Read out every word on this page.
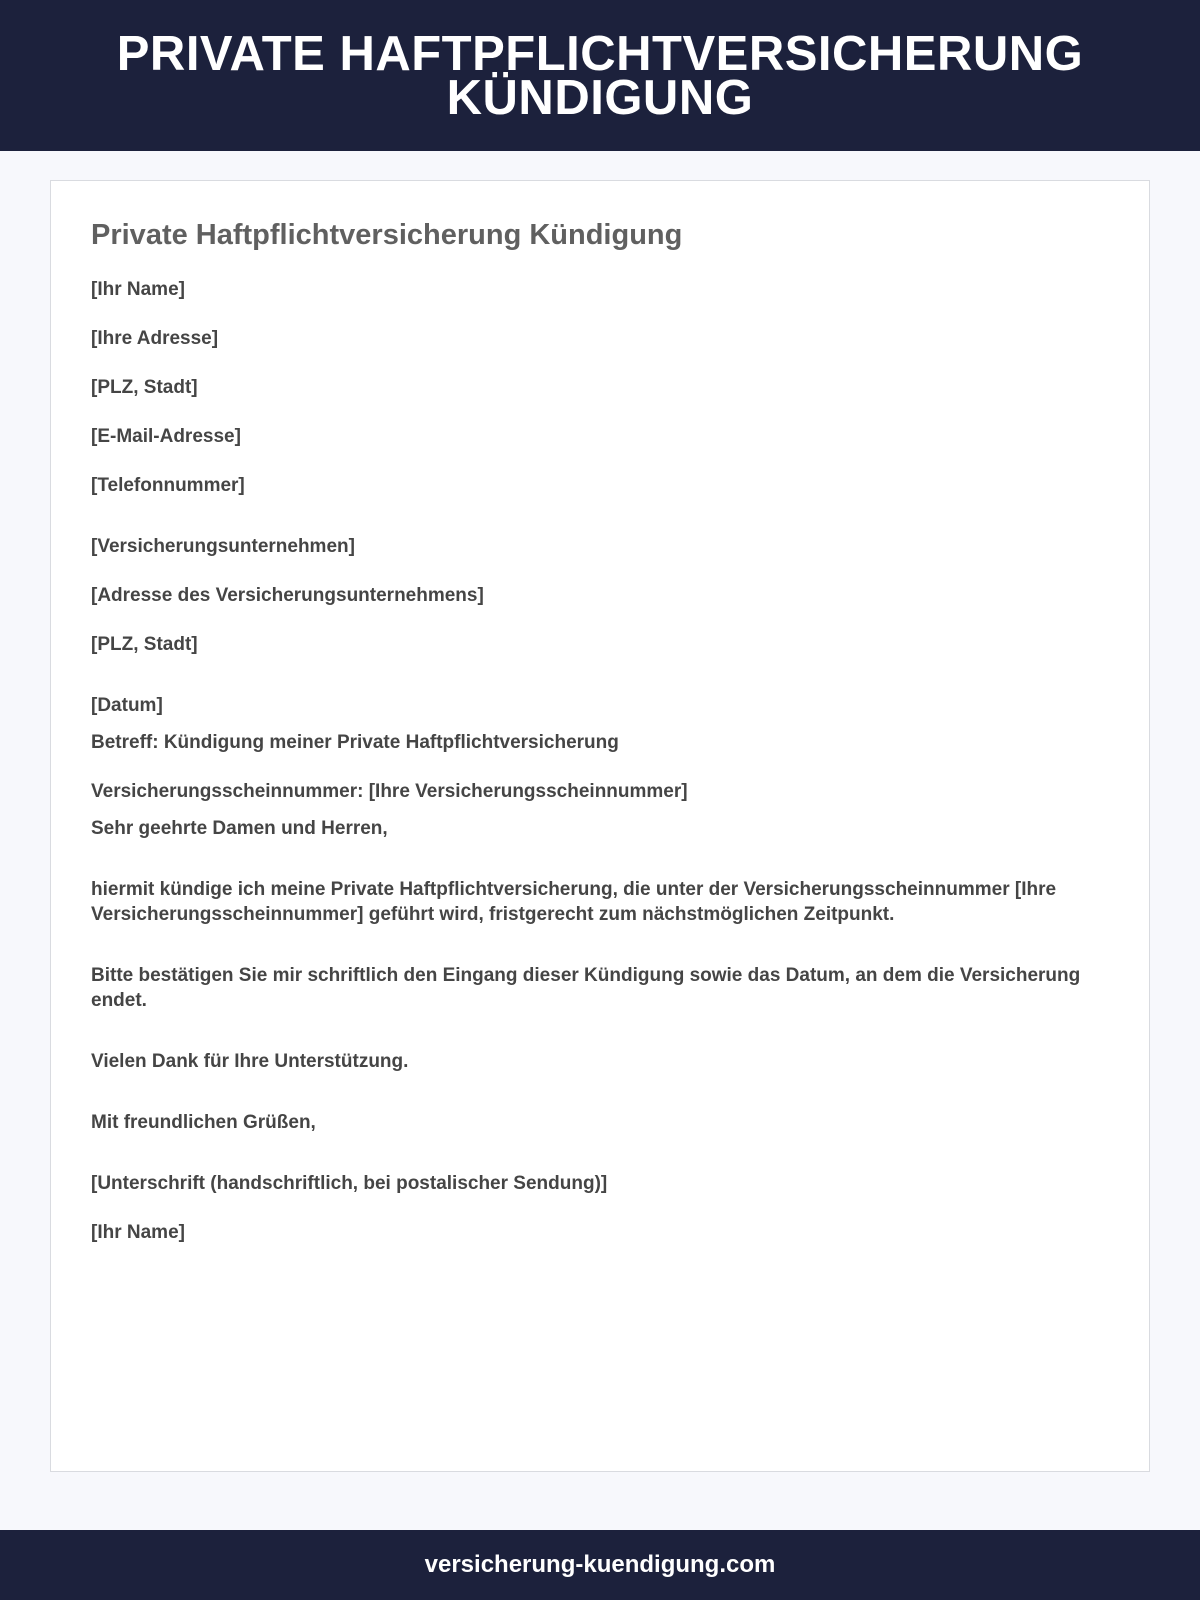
PRIVATE HAFTPFLICHTVERSICHERUNG KÜNDIGUNG
Private Haftpflichtversicherung Kündigung

[Ihr Name]

[Ihre Adresse]

[PLZ, Stadt]

[E-Mail-Adresse]

[Telefonnummer]

[Versicherungsunternehmen]

[Adresse des Versicherungsunternehmens]

[PLZ, Stadt]

[Datum]

Betreff: Kündigung meiner Private Haftpflichtversicherung

Versicherungsscheinnummer: [Ihre Versicherungsscheinnummer]

Sehr geehrte Damen und Herren,

hiermit kündige ich meine Private Haftpflichtversicherung, die unter der Versicherungsscheinnummer [Ihre Versicherungsscheinnummer] geführt wird, fristgerecht zum nächstmöglichen Zeitpunkt.

Bitte bestätigen Sie mir schriftlich den Eingang dieser Kündigung sowie das Datum, an dem die Versicherung endet.

Vielen Dank für Ihre Unterstützung.

Mit freundlichen Grüßen,

[Unterschrift (handschriftlich, bei postalischer Sendung)]

[Ihr Name]

versicherung-kuendigung.com
